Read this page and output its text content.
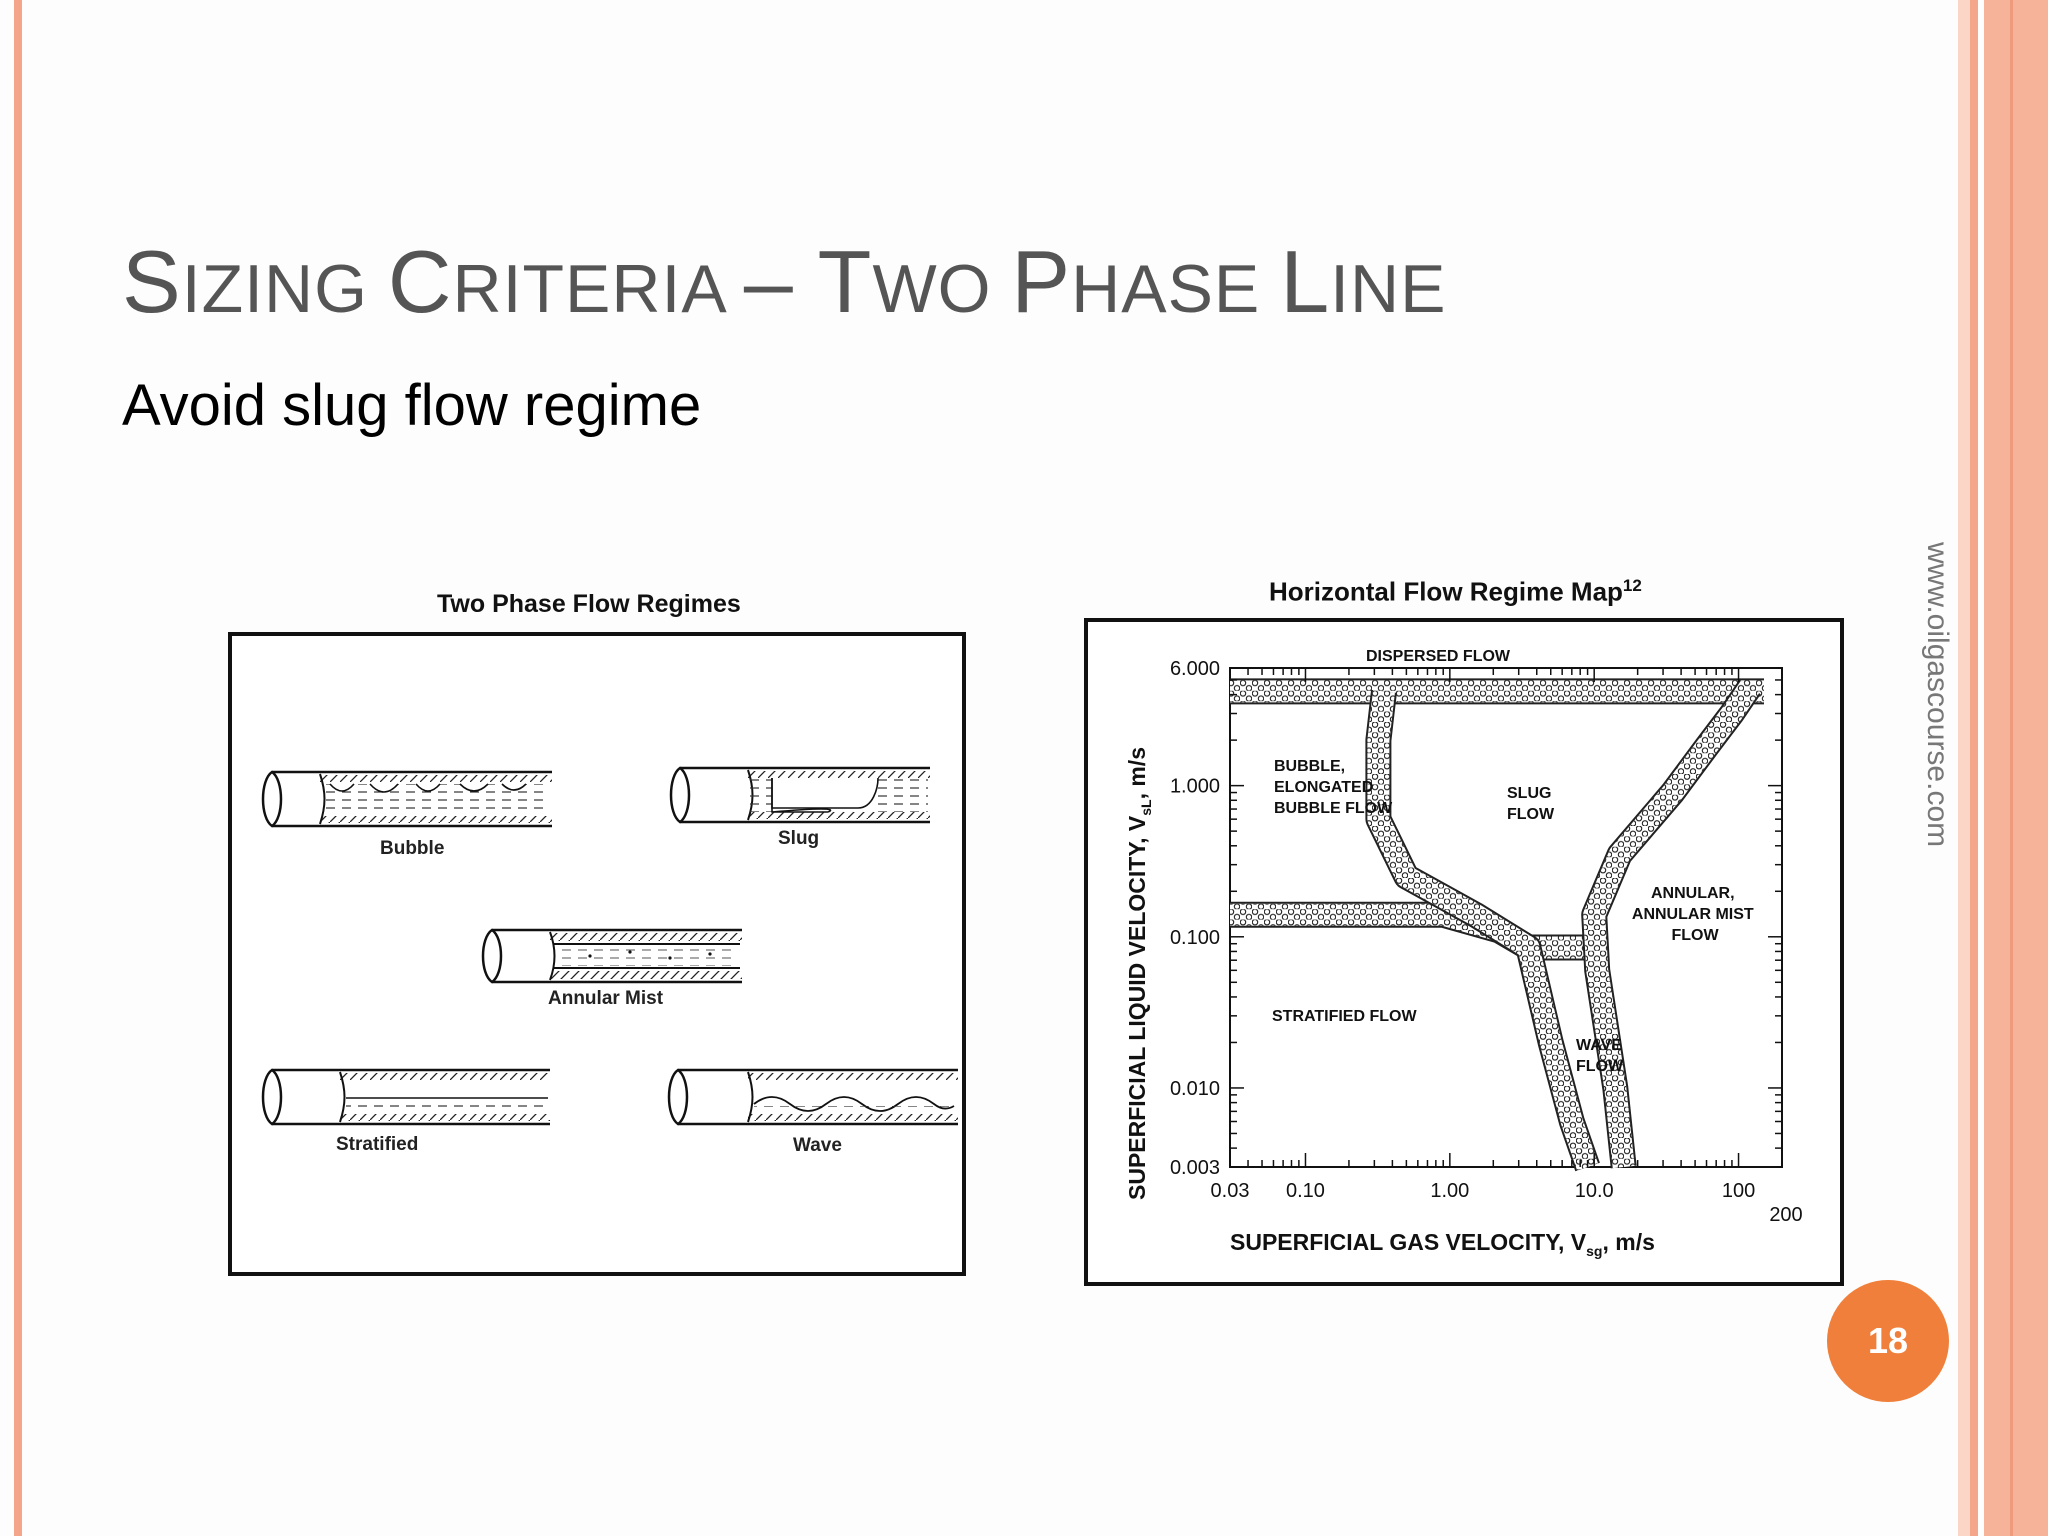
SIZING CRITERIA – TWO PHASE LINE

Avoid slug flow regime

www.oilgascourse.com
18
Two Phase Flow Regimes
Bubble	Slug
Annular Mist
Stratified	Wave
Horizontal Flow Regime Map$^{12}$
0.03 0.10	1.00	10.0	100
200
0.003
0.010
0.100
1.000
6.000
SUPERFICIAL GAS VELOCITY, $V_{sg}$, m/s
SUPERFICIAL LIQUID VELOCITY, $V_{sL}$, m/s
DISPERSED FLOW
BUBBLE, ELONGATED BUBBLE FLOW
SLUG FLOW
ANNULAR, ANNULAR MIST FLOW
STRATIFIED FLOW
WAVE FLOW
